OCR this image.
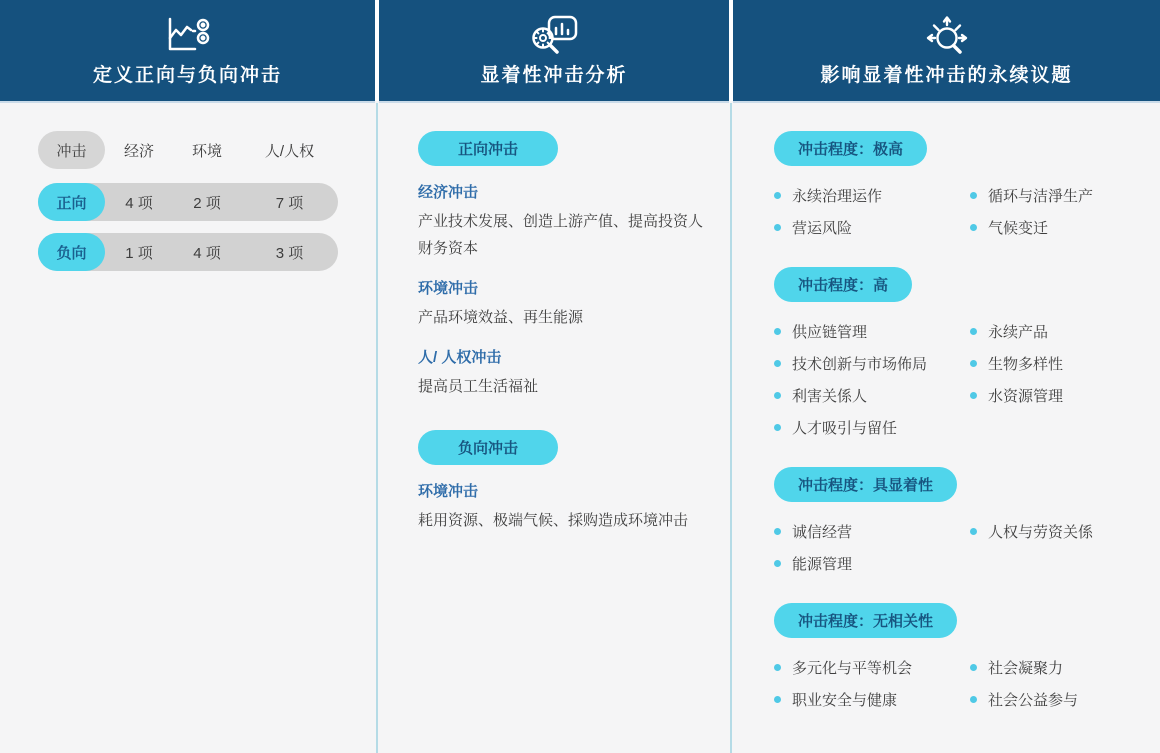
定义正向与负向冲击	显着性冲击分析	影响显着性冲击的永续议题
冲击	经济	环境	人/人权
正向	4 项	2 项	7 项
负向	1 项	4 项	3 项
正向冲击
经济冲击
产业技术发展、创造上游产值、提高投资人财务资本
环境冲击
产品环境效益、再生能源
人/ 人权冲击
提高员工生活福祉
负向冲击
环境冲击
耗用资源、极端气候、採购造成环境冲击
冲击程度：极高
永续治理运作
营运风险
循环与洁淨生产
气候变迁
冲击程度：高
供应链管理
技术创新与市场佈局
利害关係人
人才吸引与留任
永续产品
生物多样性
水资源管理
冲击程度：具显着性
诚信经营
能源管理
人权与劳资关係
冲击程度：无相关性
多元化与平等机会
职业安全与健康
社会凝聚力
社会公益参与
